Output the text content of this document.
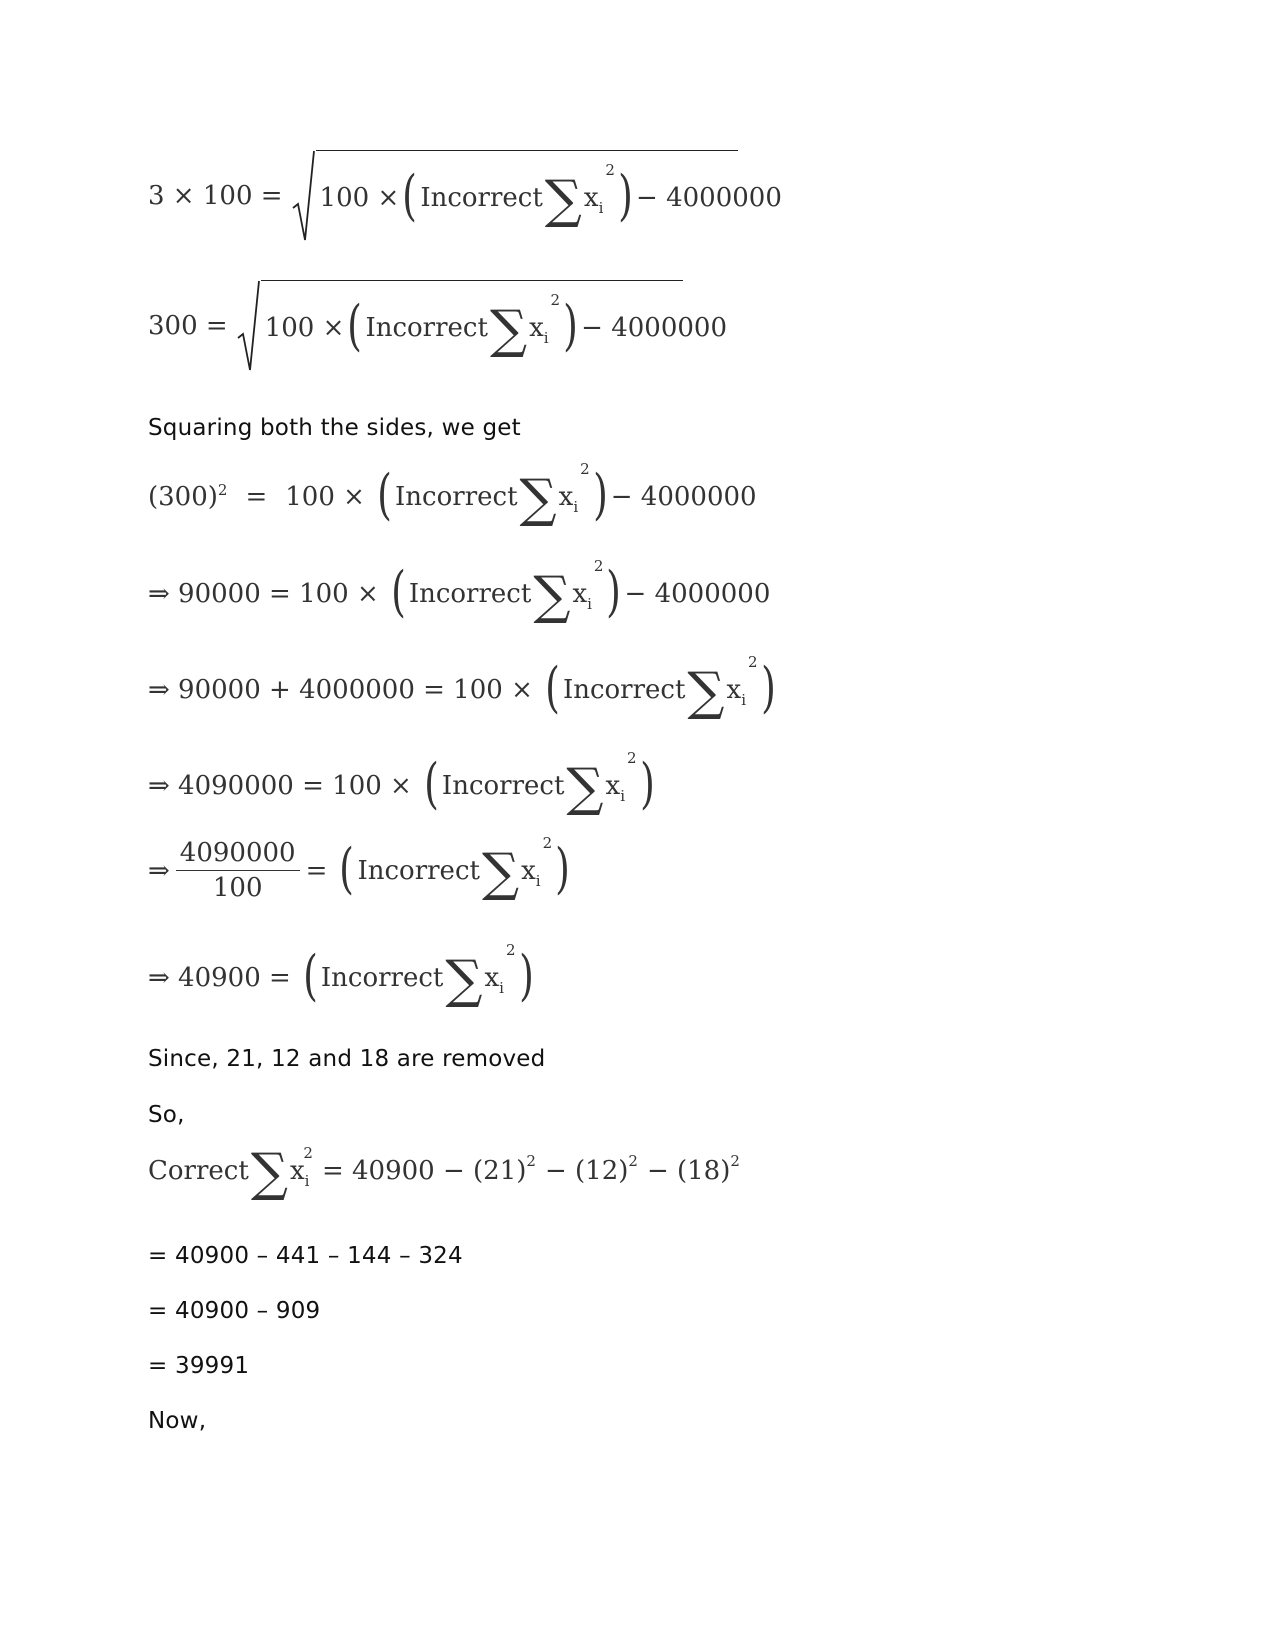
3 × 100 = 100 × ( Incorrect ∑ x i
2 ) − 4000000
300 = 100 × ( Incorrect ∑ x i
2 ) − 4000000
Squaring both the sides, we get
$(300)^2 = 100$ × ( Incorrect ∑ x i
2 ) − 4000000
⇒ 90000 = 100 × ( Incorrect ∑ x i
2 ) − 4000000
⇒ 90000 + 4000000 = 100 × ( Incorrect ∑ x i
2 )
⇒ 4090000 = 100 × ( Incorrect ∑ x i
2 )
⇒ $\frac{4090000}{100}$ = ( Incorrect ∑ x i
2 )
⇒ 40900 = ( Incorrect ∑ x i
2 )
Since, 21, 12 and 18 are removed
So,
Correct ∑ x i
2
= 40900 − (21) 2 − (12) 2 − (18) 2
= 40900 – 441 – 144 – 324
= 40900 – 909
= 39991
Now,
